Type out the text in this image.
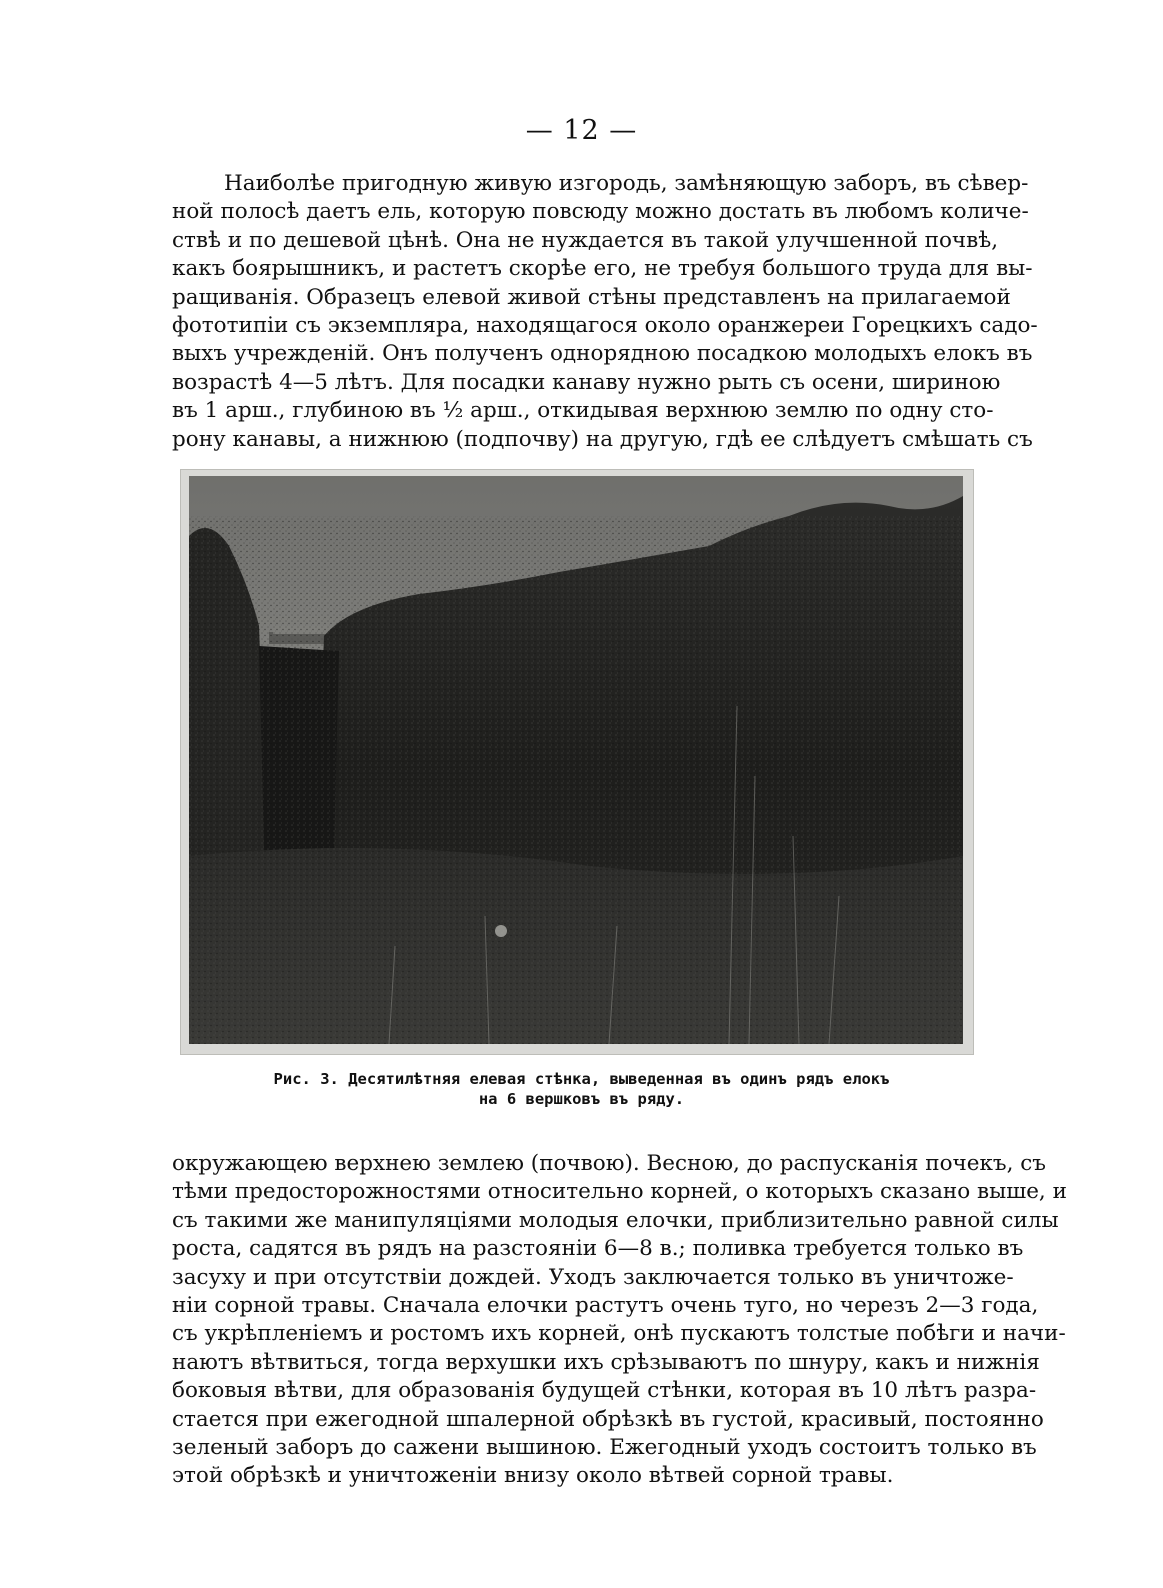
— 12 —
Наиболѣе пригодную живую изгородь, замѣняющую заборъ, въ сѣвер-
ной полосѣ даетъ ель, которую повсюду можно достать въ любомъ количе-
ствѣ и по дешевой цѣнѣ. Она не нуждается въ такой улучшенной почвѣ,
какъ боярышникъ, и растетъ скорѣе его, не требуя большого труда для вы-
ращиванія. Образецъ елевой живой стѣны представленъ на прилагаемой
фототипіи съ экземпляра, находящагося около оранжереи Горецкихъ садо-
выхъ учрежденій. Онъ полученъ однорядною посадкою молодыхъ елокъ въ
возрастѣ 4—5 лѣтъ. Для посадки канаву нужно рыть съ осени, шириною
въ 1 арш., глубиною въ ½ арш., откидывая верхнюю землю по одну сто-
рону канавы, а нижнюю (подпочву) на другую, гдѣ ее слѣдуетъ смѣшать съ
Рис. 3. Десятилѣтняя елевая стѣнка, выведенная въ одинъ рядъ елокъ
на 6 вершковъ въ ряду.
окружающею верхнею землею (почвою). Весною, до распусканія почекъ, съ
тѣми предосторожностями относительно корней, о которыхъ сказано выше, и
съ такими же манипуляціями молодыя елочки, приблизительно равной силы
роста, садятся въ рядъ на разстояніи 6—8 в.; поливка требуется только въ
засуху и при отсутствіи дождей. Уходъ заключается только въ уничтоже-
ніи сорной травы. Сначала елочки растутъ очень туго, но черезъ 2—3 года,
съ укрѣпленіемъ и ростомъ ихъ корней, онѣ пускаютъ толстые побѣги и начи-
наютъ вѣтвиться, тогда верхушки ихъ срѣзываютъ по шнуру, какъ и нижнія
боковыя вѣтви, для образованія будущей стѣнки, которая въ 10 лѣтъ разра-
стается при ежегодной шпалерной обрѣзкѣ въ густой, красивый, постоянно
зеленый заборъ до сажени вышиною. Ежегодный уходъ состоитъ только въ
этой обрѣзкѣ и уничтоженіи внизу около вѣтвей сорной травы.
